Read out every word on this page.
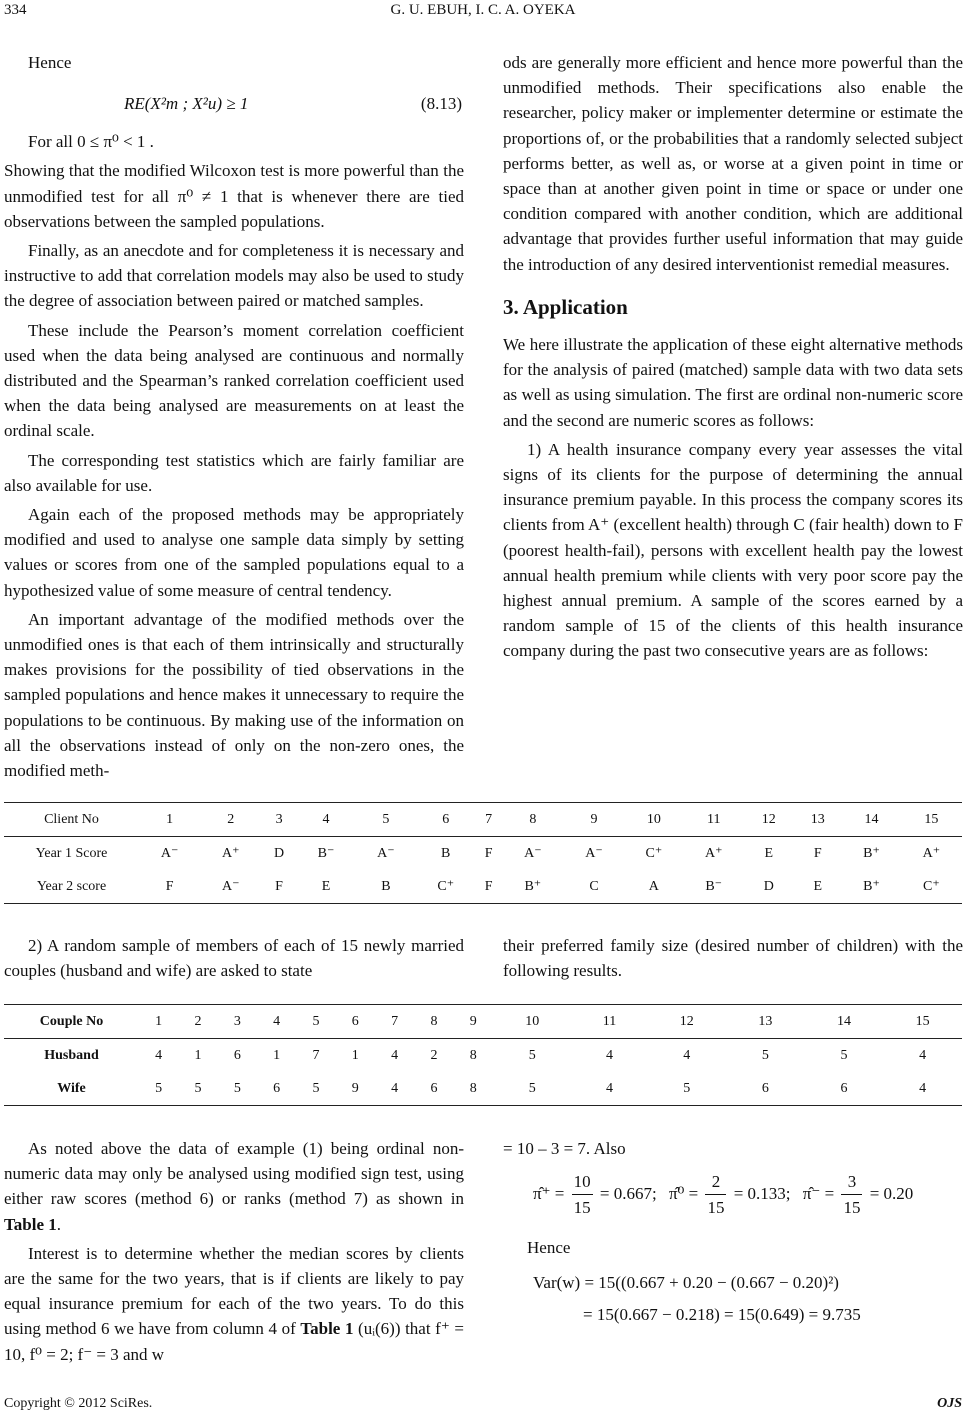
334	G. U. EBUH, I. C. A. OYEKA

Hence

RE(X²m ; X²u) ≥ 1	(8.13)

For all 0 ≤ π⁰ < 1 .

Showing that the modified Wilcoxon test is more powerful than the unmodified test for all π⁰ ≠ 1 that is whenever there are tied observations between the sampled populations.

Finally, as an anecdote and for completeness it is necessary and instructive to add that correlation models may also be used to study the degree of association between paired or matched samples.

These include the Pearson’s moment correlation coefficient used when the data being analysed are continuous and normally distributed and the Spearman’s ranked correlation coefficient used when the data being analysed are measurements on at least the ordinal scale.

The corresponding test statistics which are fairly familiar are also available for use.

Again each of the proposed methods may be appropriately modified and used to analyse one sample data simply by setting values or scores from one of the sampled populations equal to a hypothesized value of some measure of central tendency.

An important advantage of the modified methods over the unmodified ones is that each of them intrinsically and structurally makes provisions for the possibility of tied observations in the sampled populations and hence makes it unnecessary to require the populations to be continuous. By making use of the information on all the observations instead of only on the non-zero ones, the modified meth-

ods are generally more efficient and hence more powerful than the unmodified methods. Their specifications also enable the researcher, policy maker or implementer determine or estimate the proportions of, or the probabilities that a randomly selected subject performs better, as well as, or worse at a given point in time or space than at another given point in time or space or under one condition compared with another condition, which are additional advantage that provides further useful information that may guide the introduction of any desired interventionist remedial measures.

3. Application

We here illustrate the application of these eight alternative methods for the analysis of paired (matched) sample data with two data sets as well as using simulation. The first are ordinal non-numeric score and the second are numeric scores as follows:

1) A health insurance company every year assesses the vital signs of its clients for the purpose of determining the annual insurance premium payable. In this process the company scores its clients from A⁺ (excellent health) through C (fair health) down to F (poorest health-fail), persons with excellent health pay the lowest annual health premium while clients with very poor score pay the highest annual premium. A sample of the scores earned by a random sample of 15 of the clients of this health insurance company during the past two consecutive years are as follows:

Client No	1	2	3	4	5	6	7	8	9	10	11	12	13	14	15
Year 1 Score	A⁻	A⁺	D	B⁻	A⁻	B	F	A⁻	A⁻	C⁺	A⁺	E	F	B⁺	A⁺
Year 2 score	F	A⁻	F	E	B	C⁺	F	B⁺	C	A	B⁻	D	E	B⁺	C⁺

2) A random sample of members of each of 15 newly married couples (husband and wife) are asked to state

their preferred family size (desired number of children) with the following results.

Couple No	1	2	3	4	5	6	7	8	9	10	11	12	13	14	15
Husband	4	1	6	1	7	1	4	2	8	5	4	4	5	5	4
Wife	5	5	5	6	5	9	4	6	8	5	4	5	6	6	4

As noted above the data of example (1) being ordinal non-numeric data may only be analysed using modified sign test, using either raw scores (method 6) or ranks (method 7) as shown in Table 1.

Interest is to determine whether the median scores by clients are the same for the two years, that is if clients are likely to pay equal insurance premium for each of the two years. To do this using method 6 we have from column 4 of Table 1 (uᵢ(6)) that f⁺ = 10, f⁰ = 2; f⁻ = 3 and w

= 10 – 3 = 7. Also

π̂⁺ = $\frac{10}{15} = 0.667$; π̂⁰ = $\frac{2}{15} = 0.133$; π̂⁻ = $\frac{3}{15} = 0.20$

Hence

Var(w) = 15((0.667 + 0.20 − (0.667 − 0.20)²)

= 15(0.667 − 0.218) = 15(0.649) = 9.735

Copyright © 2012 SciRes.	OJS
